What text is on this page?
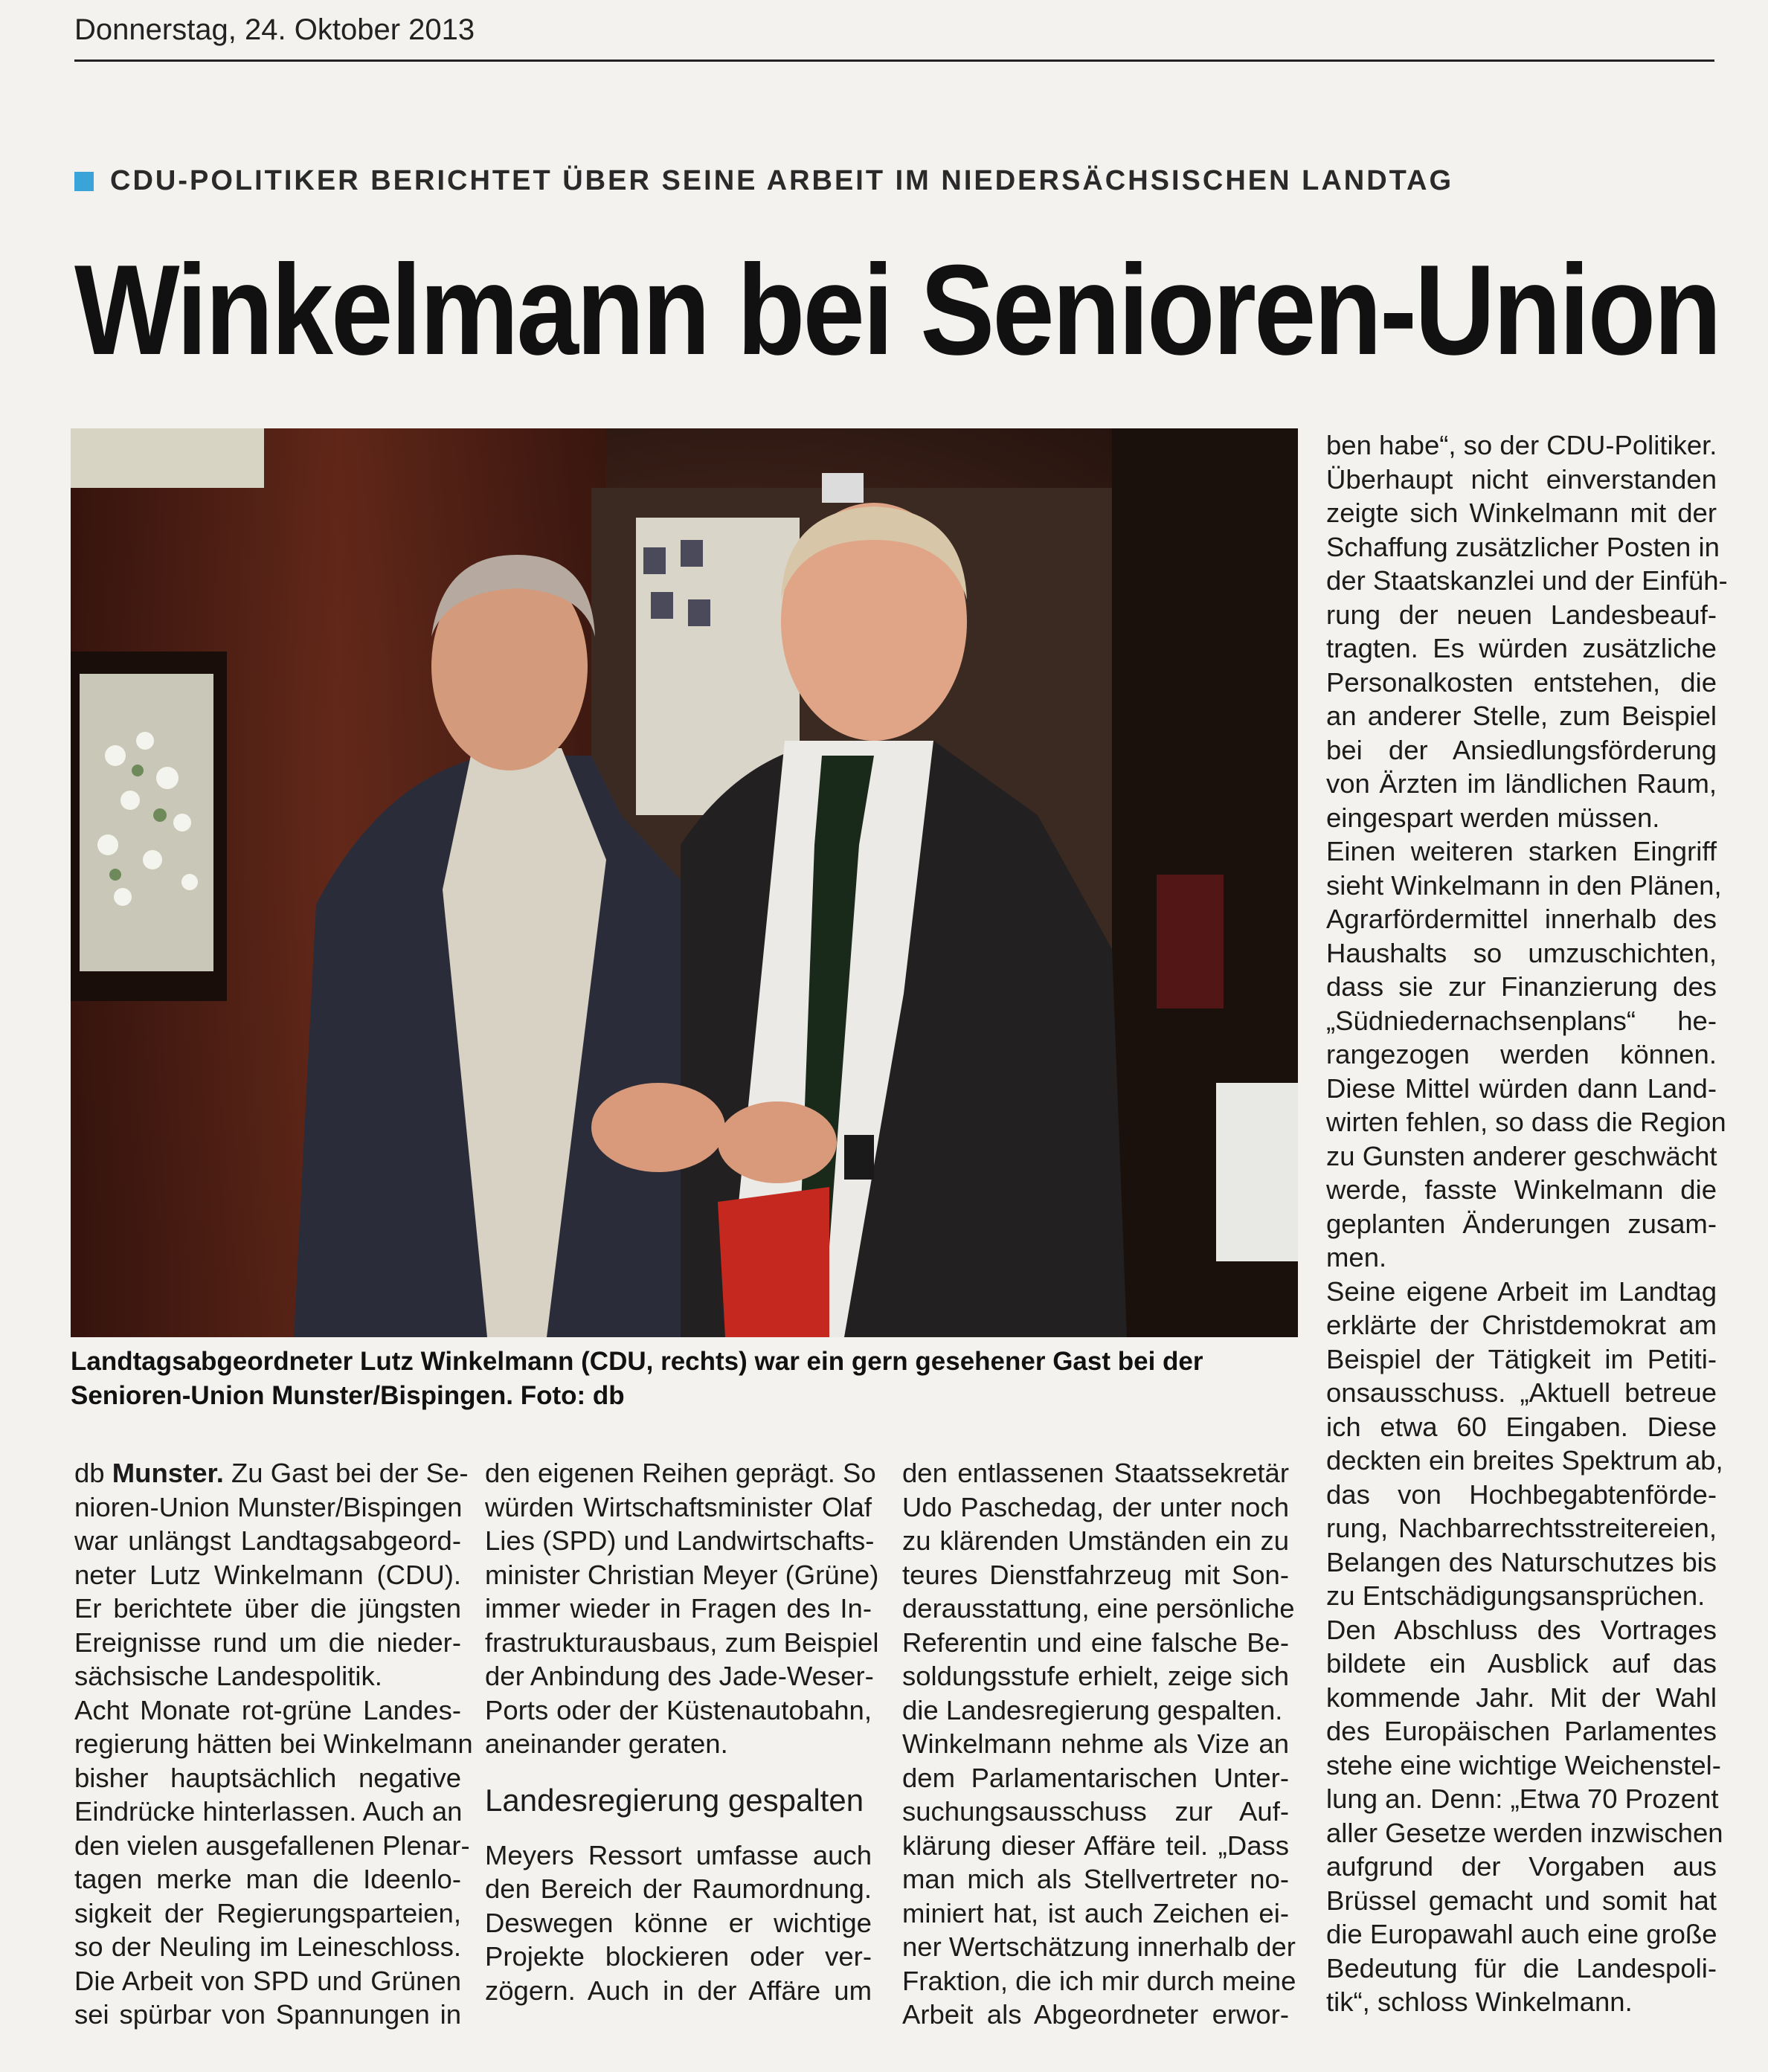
Donnerstag, 24. Oktober 2013
CDU-POLITIKER BERICHTET ÜBER SEINE ARBEIT IM NIEDERSÄCHSISCHEN LANDTAG
Winkelmann bei Senioren-Union
Landtagsabgeordneter Lutz Winkelmann (CDU, rechts) war ein gern gesehener Gast bei der Senioren-Union Munster/Bispingen. Foto: db
db Munster. Zu Gast bei der Se-
nioren-Union Munster/Bispingen
war unlängst Landtagsabgeord-
neter Lutz Winkelmann (CDU).
Er berichtete über die jüngsten
Ereignisse rund um die nieder-
sächsische Landespolitik.
Acht Monate rot-grüne Landes-
regierung hätten bei Winkelmann
bisher hauptsächlich negative
Eindrücke hinterlassen. Auch an
den vielen ausgefallenen Plenar-
tagen merke man die Ideenlo-
sigkeit der Regierungsparteien,
so der Neuling im Leineschloss.
Die Arbeit von SPD und Grünen
sei spürbar von Spannungen in
den eigenen Reihen geprägt. So
würden Wirtschaftsminister Olaf
Lies (SPD) und Landwirtschafts-
minister Christian Meyer (Grüne)
immer wieder in Fragen des In-
frastrukturausbaus, zum Beispiel
der Anbindung des Jade-Weser-
Ports oder der Küstenautobahn,
aneinander geraten.
Landesregierung gespalten
Meyers Ressort umfasse auch
den Bereich der Raumordnung.
Deswegen könne er wichtige
Projekte blockieren oder ver-
zögern. Auch in der Affäre um
den entlassenen Staatssekretär
Udo Paschedag, der unter noch
zu klärenden Umständen ein zu
teures Dienstfahrzeug mit Son-
derausstattung, eine persönliche
Referentin und eine falsche Be-
soldungsstufe erhielt, zeige sich
die Landesregierung gespalten.
Winkelmann nehme als Vize an
dem Parlamentarischen Unter-
suchungsausschuss zur Auf-
klärung dieser Affäre teil. „Dass
man mich als Stellvertreter no-
miniert hat, ist auch Zeichen ei-
ner Wertschätzung innerhalb der
Fraktion, die ich mir durch meine
Arbeit als Abgeordneter erwor-
ben habe“, so der CDU-Politiker.
Überhaupt nicht einverstanden
zeigte sich Winkelmann mit der
Schaffung zusätzlicher Posten in
der Staatskanzlei und der Einfüh-
rung der neuen Landesbeauf-
tragten. Es würden zusätzliche
Personalkosten entstehen, die
an anderer Stelle, zum Beispiel
bei der Ansiedlungsförderung
von Ärzten im ländlichen Raum,
eingespart werden müssen.
Einen weiteren starken Eingriff
sieht Winkelmann in den Plänen,
Agrarfördermittel innerhalb des
Haushalts so umzuschichten,
dass sie zur Finanzierung des
„Südniedernachsenplans“ he-
rangezogen werden können.
Diese Mittel würden dann Land-
wirten fehlen, so dass die Region
zu Gunsten anderer geschwächt
werde, fasste Winkelmann die
geplanten Änderungen zusam-
men.
Seine eigene Arbeit im Landtag
erklärte der Christdemokrat am
Beispiel der Tätigkeit im Petiti-
onsausschuss. „Aktuell betreue
ich etwa 60 Eingaben. Diese
deckten ein breites Spektrum ab,
das von Hochbegabtenförde-
rung, Nachbarrechtsstreitereien,
Belangen des Naturschutzes bis
zu Entschädigungsansprüchen.
Den Abschluss des Vortrages
bildete ein Ausblick auf das
kommende Jahr. Mit der Wahl
des Europäischen Parlamentes
stehe eine wichtige Weichenstel-
lung an. Denn: „Etwa 70 Prozent
aller Gesetze werden inzwischen
aufgrund der Vorgaben aus
Brüssel gemacht und somit hat
die Europawahl auch eine große
Bedeutung für die Landespoli-
tik“, schloss Winkelmann.
